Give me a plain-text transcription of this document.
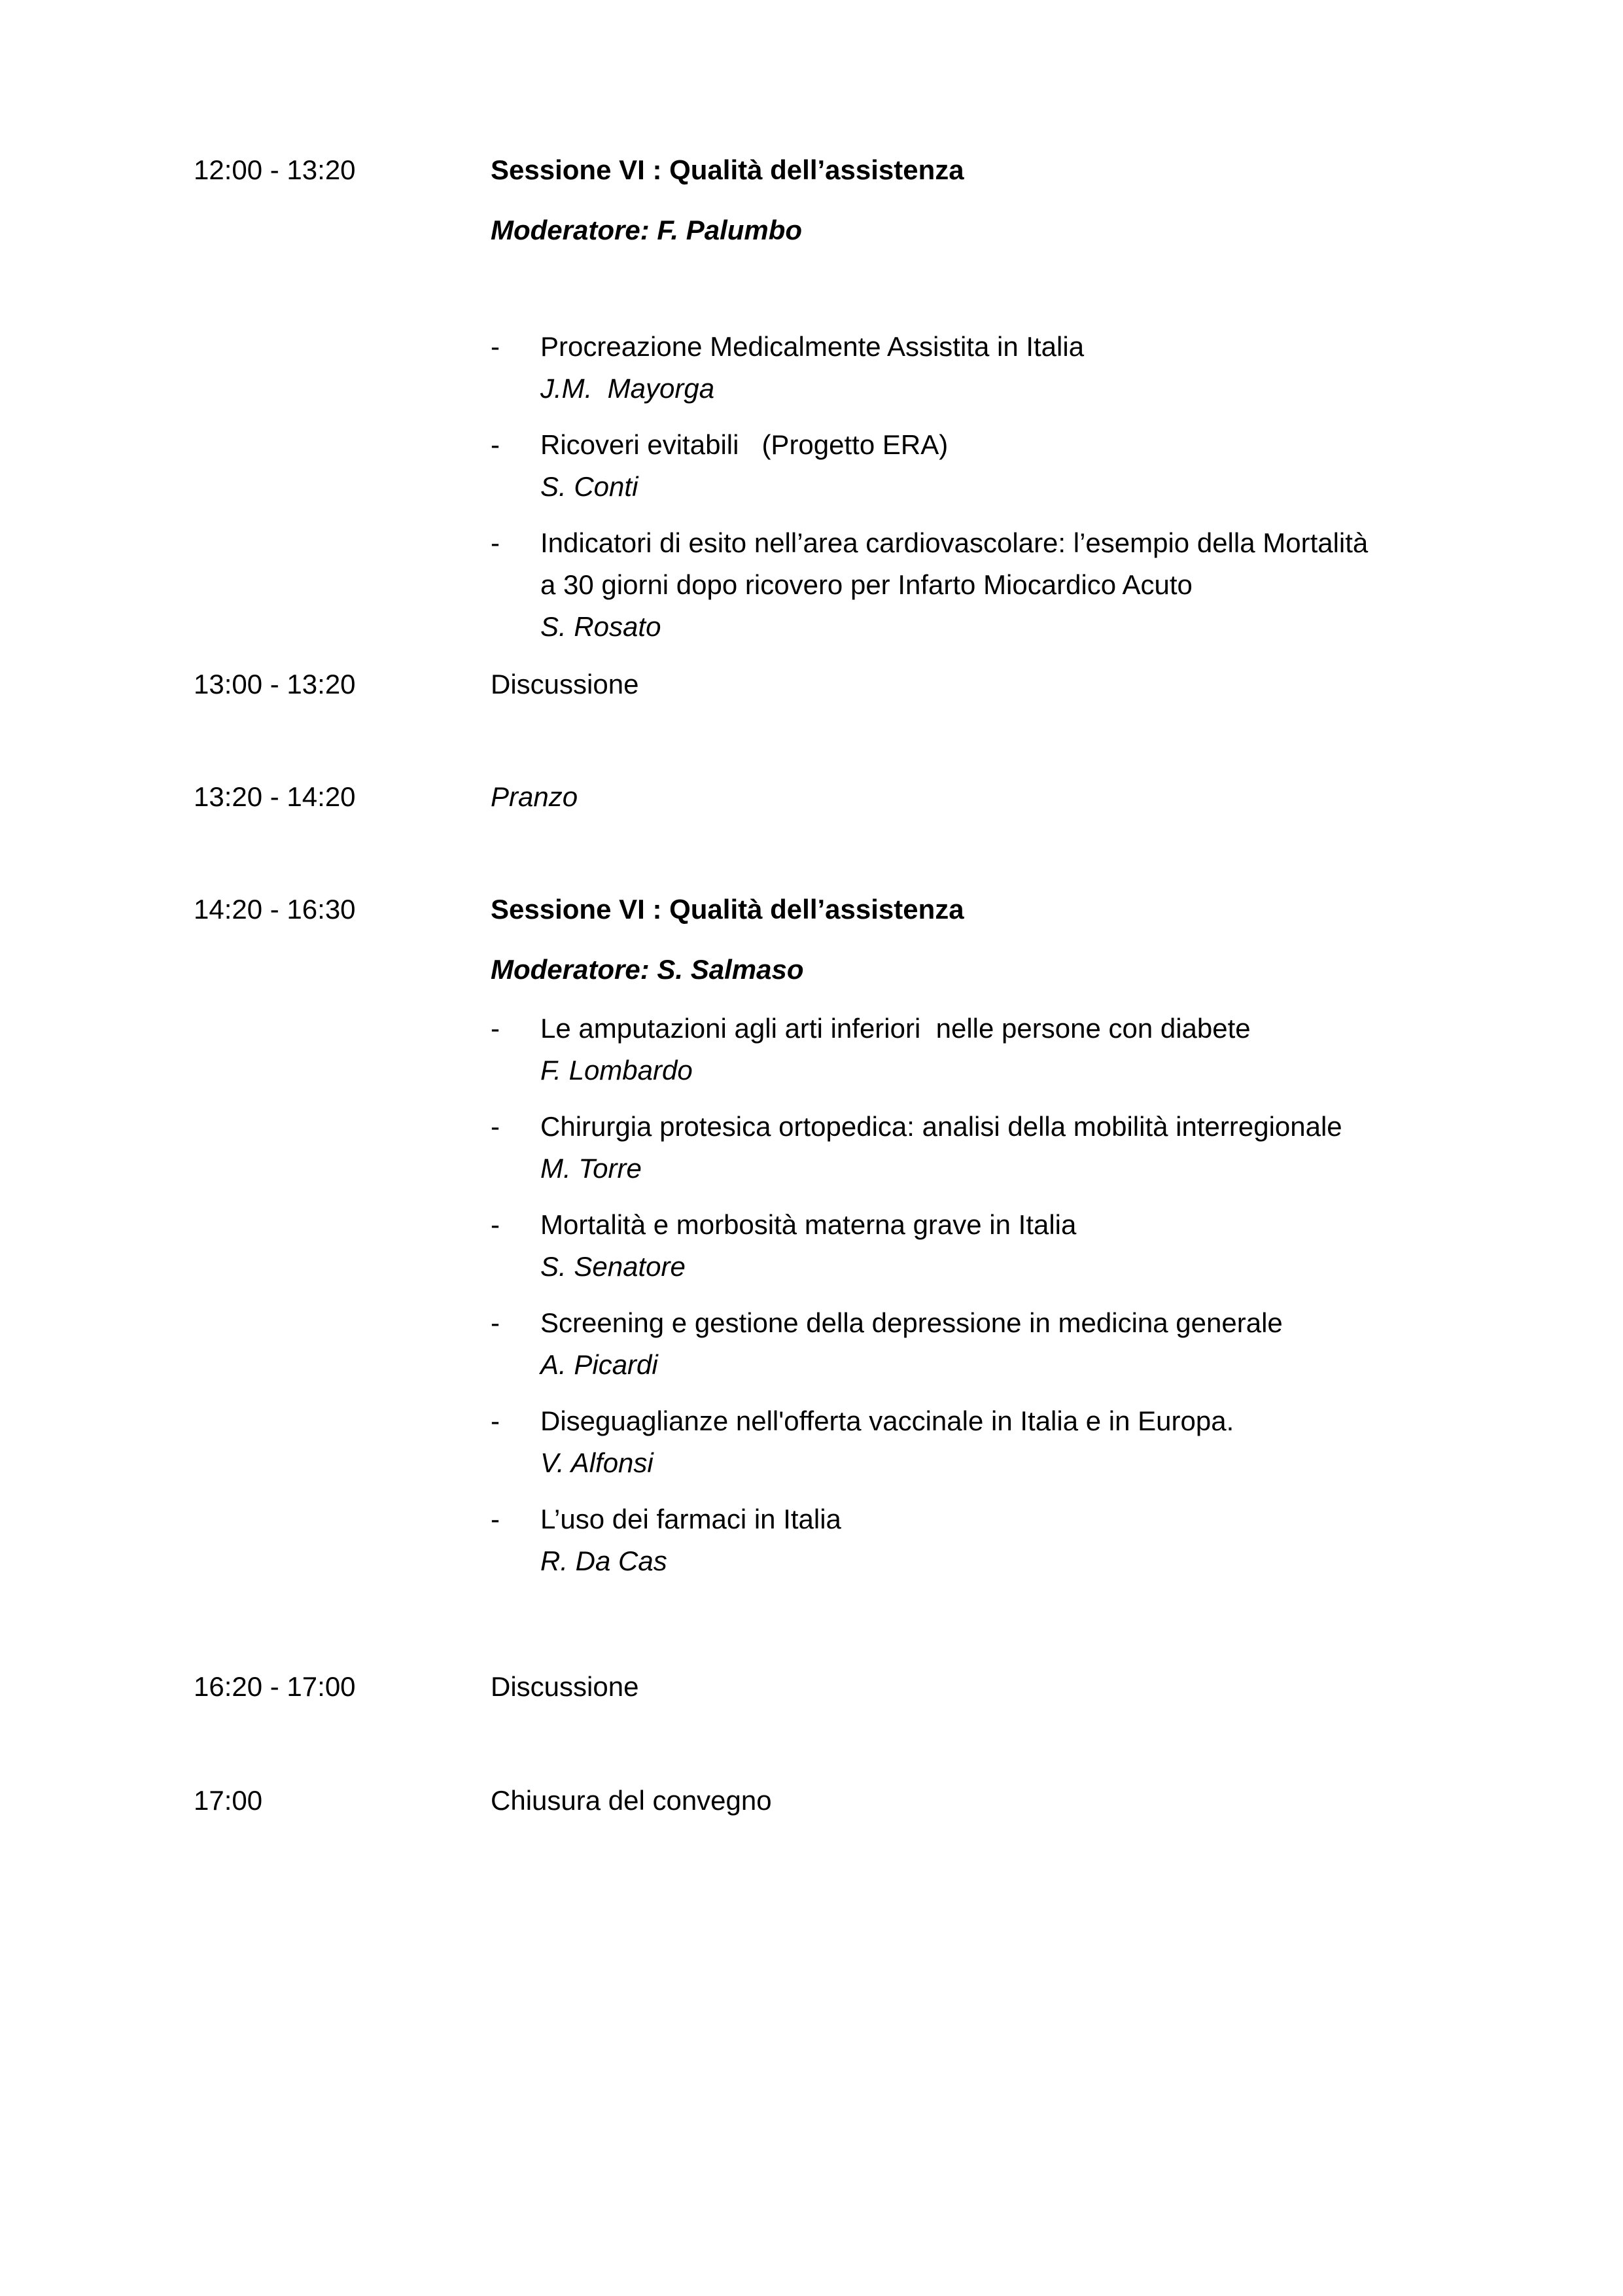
12:00 - 13:20	Sessione VI : Qualità dell’assistenza
Moderatore: F. Palumbo
-	Procreazione Medicalmente Assistita in Italia
J.M.  Mayorga
-	Ricoveri evitabili   (Progetto ERA)
S. Conti
-	Indicatori di esito nell’area cardiovascolare: l’esempio della Mortalità
a 30 giorni dopo ricovero per Infarto Miocardico Acuto
S. Rosato
13:00 - 13:20	Discussione
13:20 - 14:20	Pranzo
14:20 - 16:30	Sessione VI : Qualità dell’assistenza
Moderatore: S. Salmaso
-	Le amputazioni agli arti inferiori  nelle persone con diabete
F. Lombardo
-	Chirurgia protesica ortopedica: analisi della mobilità interregionale
M. Torre
-	Mortalità e morbosità materna grave in Italia
S. Senatore
-	Screening e gestione della depressione in medicina generale
A. Picardi
-	Diseguaglianze nell'offerta vaccinale in Italia e in Europa.
V. Alfonsi
-	L’uso dei farmaci in Italia
R. Da Cas
16:20 - 17:00	Discussione
17:00	Chiusura del convegno
